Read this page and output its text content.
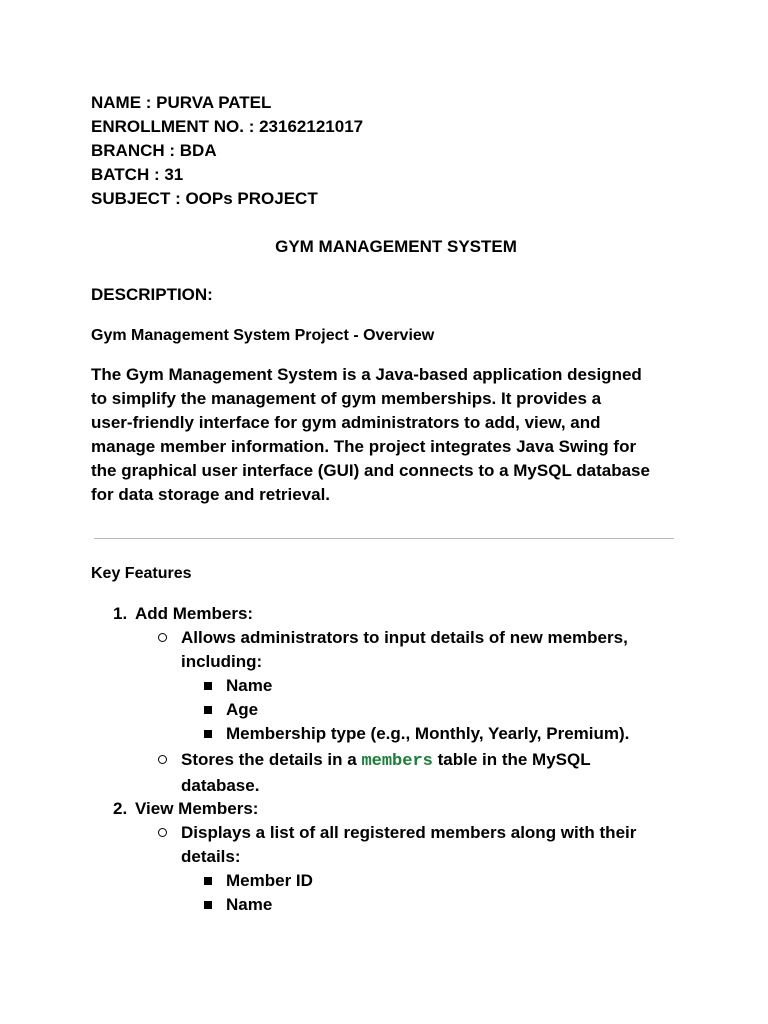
NAME : PURVA PATEL
ENROLLMENT NO. : 23162121017
BRANCH : BDA
BATCH : 31
SUBJECT : OOPs PROJECT
GYM MANAGEMENT SYSTEM
DESCRIPTION:
Gym Management System Project - Overview
The Gym Management System is a Java-based application designed
to simplify the management of gym memberships. It provides a
user-friendly interface for gym administrators to add, view, and
manage member information. The project integrates Java Swing for
the graphical user interface (GUI) and connects to a MySQL database
for data storage and retrieval.
Key Features
1. Add Members:
Allows administrators to input details of new members,
including:
Name
Age
Membership type (e.g., Monthly, Yearly, Premium).
Stores the details in a members table in the MySQL
database.
2. View Members:
Displays a list of all registered members along with their
details:
Member ID
Name
